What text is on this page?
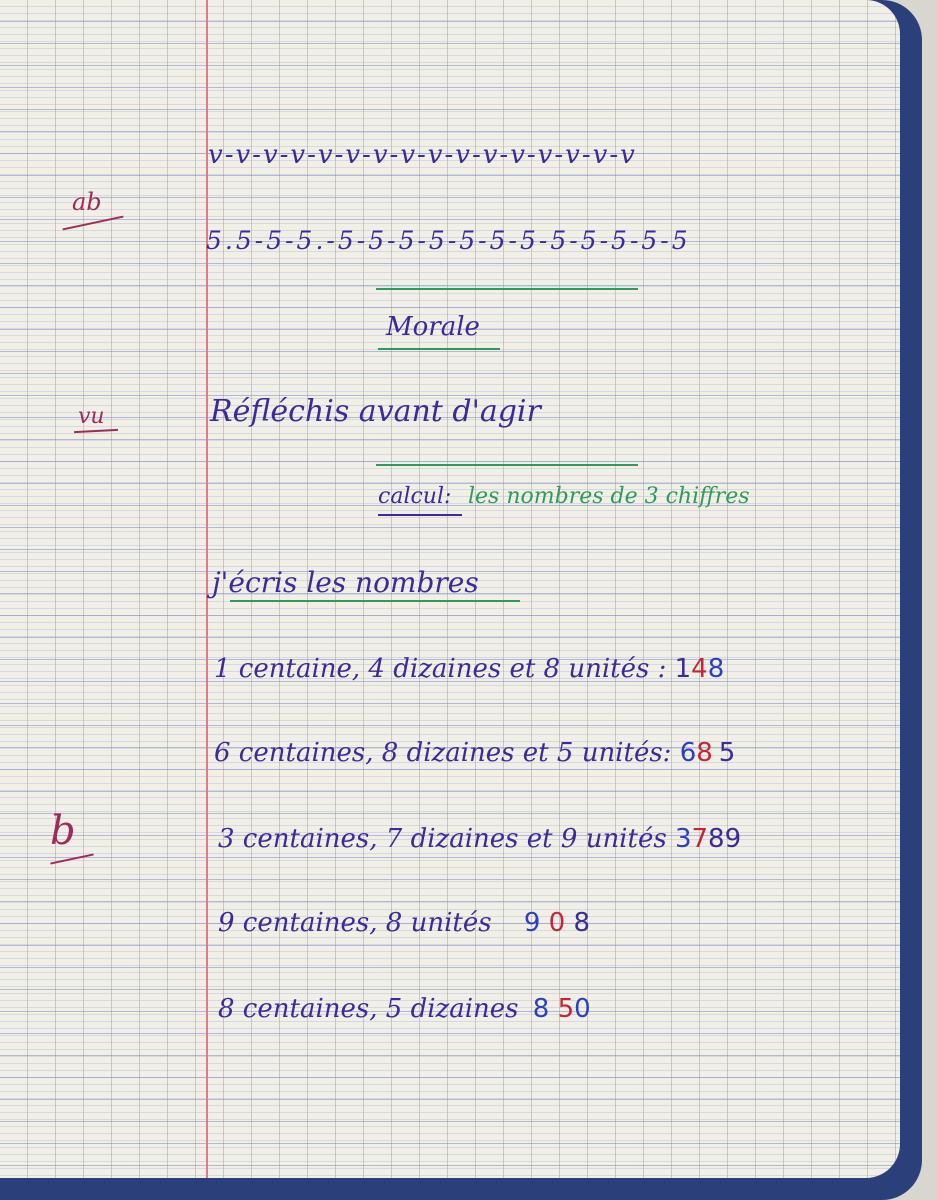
ab
vu
b
v-v-v-v-v-v-v-v-v-v-v-v-v-v-v-v
5.5-5-5.-5-5-5-5-5-5-5-5-5-5-5-5
Morale
Réfléchis avant d'agir
calcul: les nombres de 3 chiffres
j'écris les nombres
1 centaine, 4 dizaines et 8 unités : 148
6 centaines, 8 dizaines et 5 unités: 68 5
3 centaines, 7 dizaines et 9 unités 3789
9 centaines, 8 unités 9 0 8
8 centaines, 5 dizaines 8 50
